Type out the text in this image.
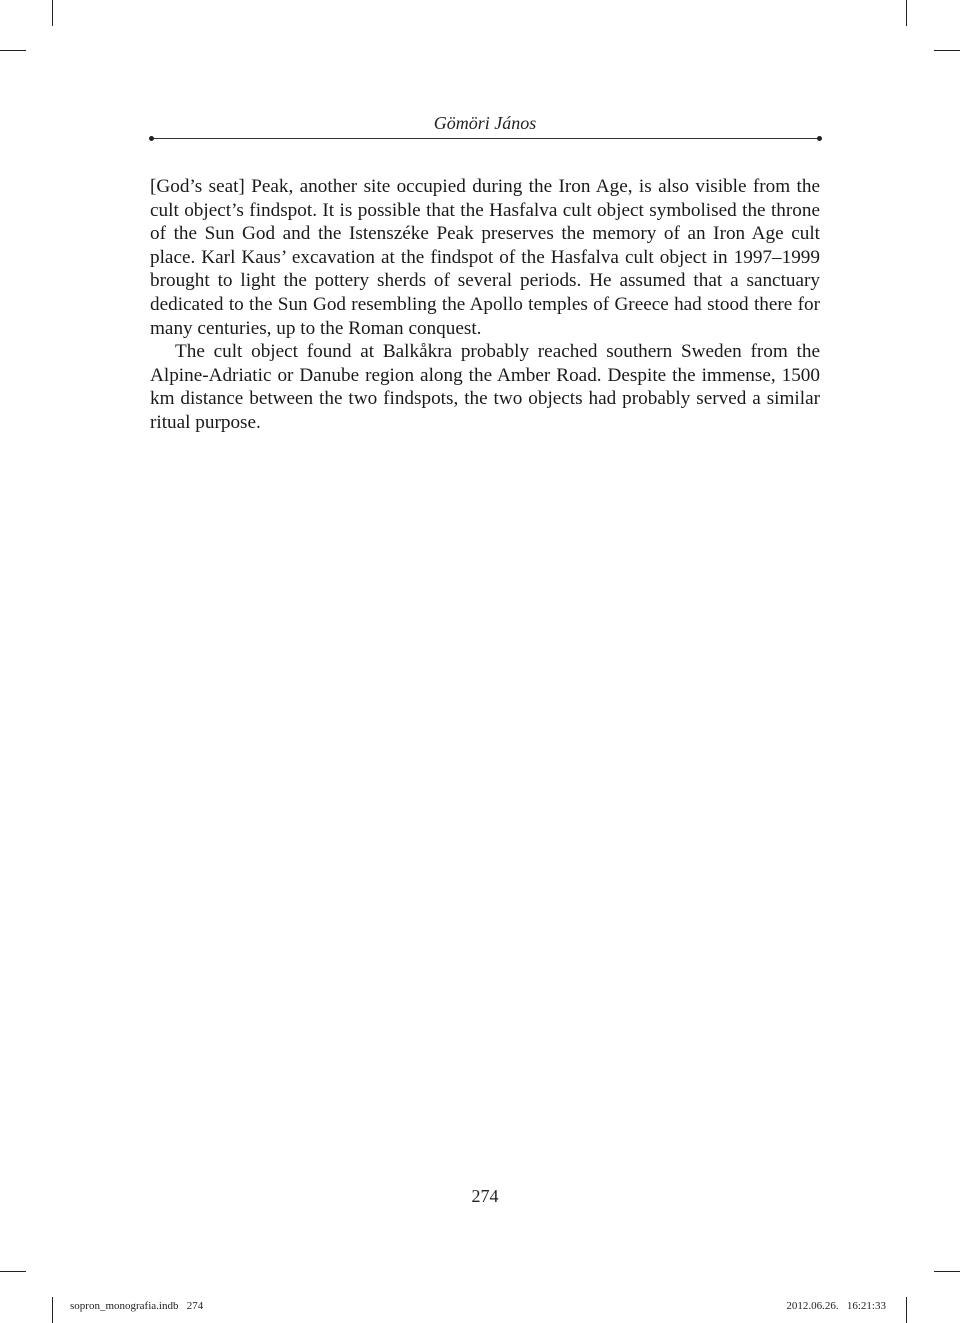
Gömöri János

[God’s seat] Peak, another site occupied during the Iron Age, is also visible from the cult object’s findspot. It is possible that the Hasfalva cult object symbolised the throne of the Sun God and the Istenszéke Peak preserves the memory of an Iron Age cult place. Karl Kaus’ excavation at the findspot of the Hasfalva cult object in 1997–1999 brought to light the pottery sherds of several periods. He assumed that a sanctuary dedicated to the Sun God resembling the Apollo temples of Greece had stood there for many centuries, up to the Roman conquest.

The cult object found at Balkåkra probably reached southern Sweden from the Alpine-Adriatic or Danube region along the Amber Road. Despite the immense, 1500 km distance between the two findspots, the two objects had probably served a similar ritual purpose.

274
sopron_monografia.indb   274	2012.06.26.   16:21:33
